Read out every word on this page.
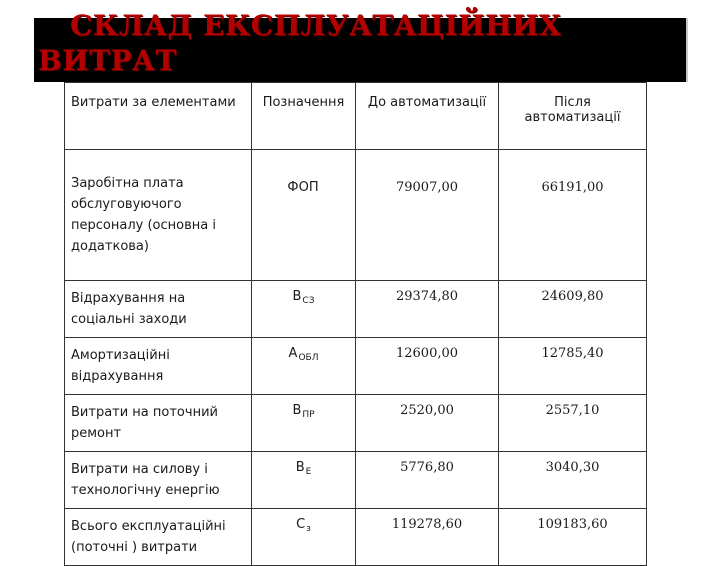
СКЛАД ЕКСПЛУАТАЦІЙНИХ ВИТРАТ
Витрати за елементами	Позначення	До автоматизації	Після автоматизації
Заробітна плата обслуговуючого персоналу (основна і додаткова)	ФОП	79007,00	66191,00
Відрахування на соціальні заходи	$В_{СЗ}$	29374,80	24609,80
Амортизаційні відрахування	$А_{ОБЛ}$	12600,00	12785,40
Витрати на поточний ремонт	$В_{ПР}$	2520,00	2557,10
Витрати на силову і технологічну енергію	$В_Е$	5776,80	3040,30
Всього експлуатаційні (поточні ) витрати	$С_з$	119278,60	109183,60
